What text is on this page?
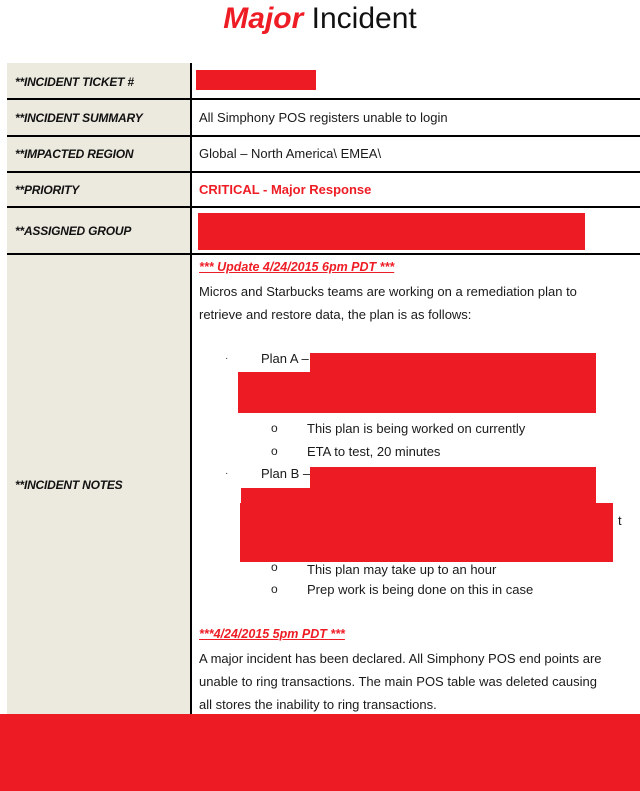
Major Incident
**INCIDENT TICKET #
**INCIDENT SUMMARY	All Simphony POS registers unable to login
**IMPACTED REGION	Global – North America\ EMEA\
**PRIORITY	CRITICAL - Major Response
**ASSIGNED GROUP
**INCIDENT NOTES
*** Update 4/24/2015 6pm PDT ***
Micros and Starbucks teams are working on a remediation plan to
retrieve and restore data, the plan is as follows:
·	Plan A –
o This plan is being worked on currently
o ETA to test, 20 minutes
·	Plan B –
t
o This plan may take up to an hour
o Prep work is being done on this in case
***4/24/2015 5pm PDT ***
A major incident has been declared. All Simphony POS end points are
unable to ring transactions. The main POS table was deleted causing
all stores the inability to ring transactions.
